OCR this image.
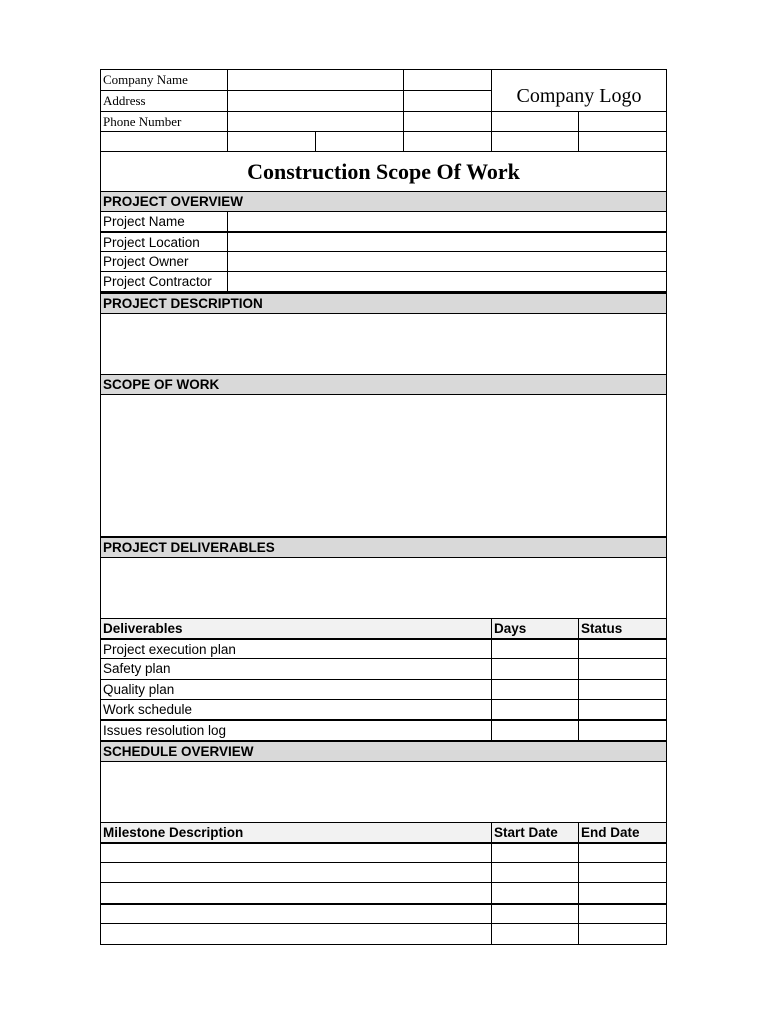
Company Name
Company Logo
Address
Phone Number
Construction Scope Of Work
PROJECT OVERVIEW
Project Name
Project Location
Project Owner
Project Contractor
PROJECT DESCRIPTION
SCOPE OF WORK
PROJECT DELIVERABLES
Deliverables	Days	Status
Project execution plan
Safety plan
Quality plan
Work schedule
Issues resolution log
SCHEDULE OVERVIEW
Milestone Description	Start Date	End Date
